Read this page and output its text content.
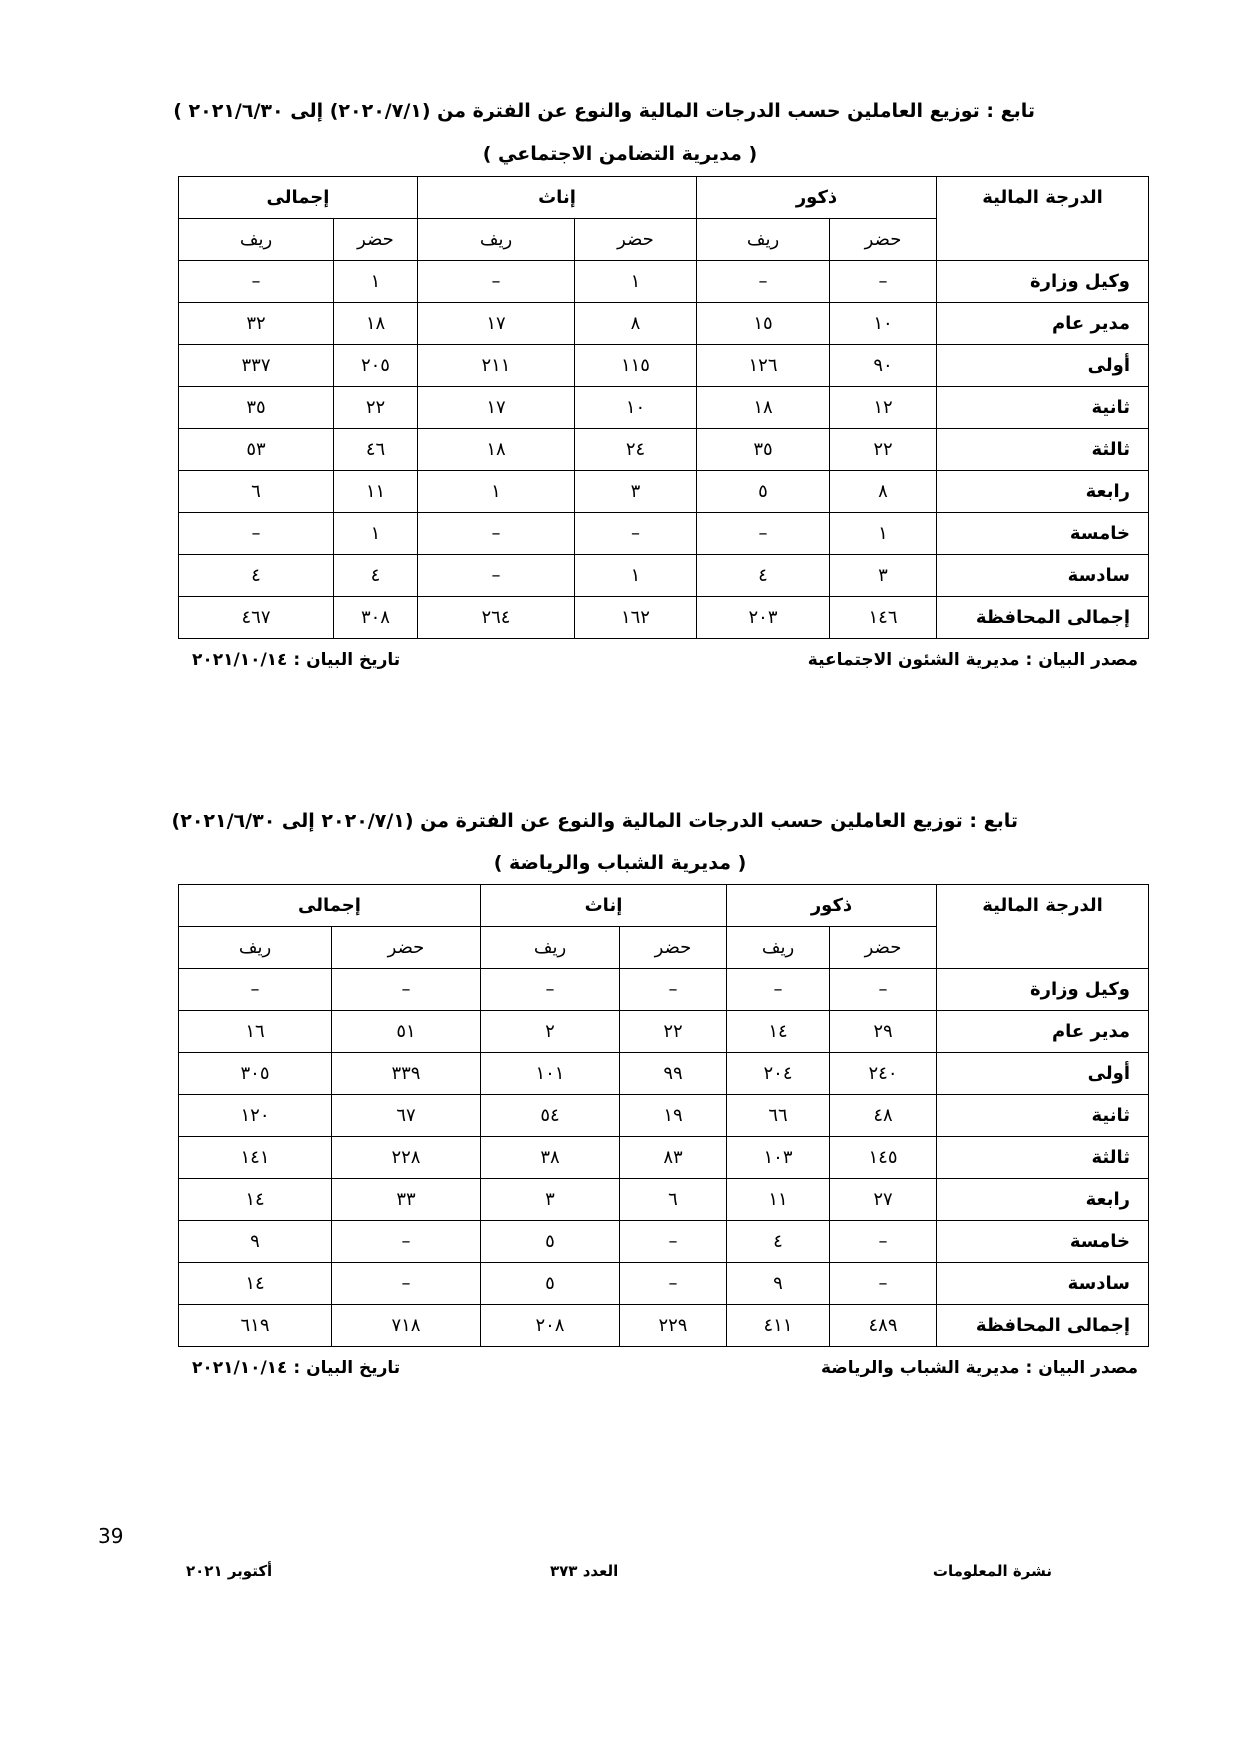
تابع : توزيع العاملين حسب الدرجات المالية والنوع عن الفترة من (٢٠٢٠/٧/١) إلى ٢٠٢١/٦/٣٠ )
( مديرية التضامن الاجتماعي )
الدرجة المالية	ذكور		إناث		إجمالى	
	حضر	ريف	حضر	ريف	حضر	ريف
وكيل وزارة	–	–	١	–	١	–
مدير عام	١٠	١٥	٨	١٧	١٨	٣٢
أولى	٩٠	١٢٦	١١٥	٢١١	٢٠٥	٣٣٧
ثانية	١٢	١٨	١٠	١٧	٢٢	٣٥
ثالثة	٢٢	٣٥	٢٤	١٨	٤٦	٥٣
رابعة	٨	٥	٣	١	١١	٦
خامسة	١	–	–	–	١	–
سادسة	٣	٤	١	–	٤	٤
إجمالى المحافظة	١٤٦	٢٠٣	١٦٢	٢٦٤	٣٠٨	٤٦٧
مصدر البيان : مديرية الشئون الاجتماعية
تاريخ البيان : ٢٠٢١/١٠/١٤
تابع : توزيع العاملين حسب الدرجات المالية والنوع عن الفترة من (٢٠٢٠/٧/١ إلى ٢٠٢١/٦/٣٠)
( مديرية الشباب والرياضة )
الدرجة المالية	ذكور		إناث		إجمالى	
	حضر	ريف	حضر	ريف	حضر	ريف
وكيل وزارة	–	–	–	–	–	–
مدير عام	٢٩	١٤	٢٢	٢	٥١	١٦
أولى	٢٤٠	٢٠٤	٩٩	١٠١	٣٣٩	٣٠٥
ثانية	٤٨	٦٦	١٩	٥٤	٦٧	١٢٠
ثالثة	١٤٥	١٠٣	٨٣	٣٨	٢٢٨	١٤١
رابعة	٢٧	١١	٦	٣	٣٣	١٤
خامسة	–	٤	–	٥	–	٩
سادسة	–	٩	–	٥	–	١٤
إجمالى المحافظة	٤٨٩	٤١١	٢٢٩	٢٠٨	٧١٨	٦١٩
مصدر البيان : مديرية الشباب والرياضة
تاريخ البيان : ٢٠٢١/١٠/١٤
39
نشرة المعلومات
العدد ٣٧٣
أكتوبر ٢٠٢١
